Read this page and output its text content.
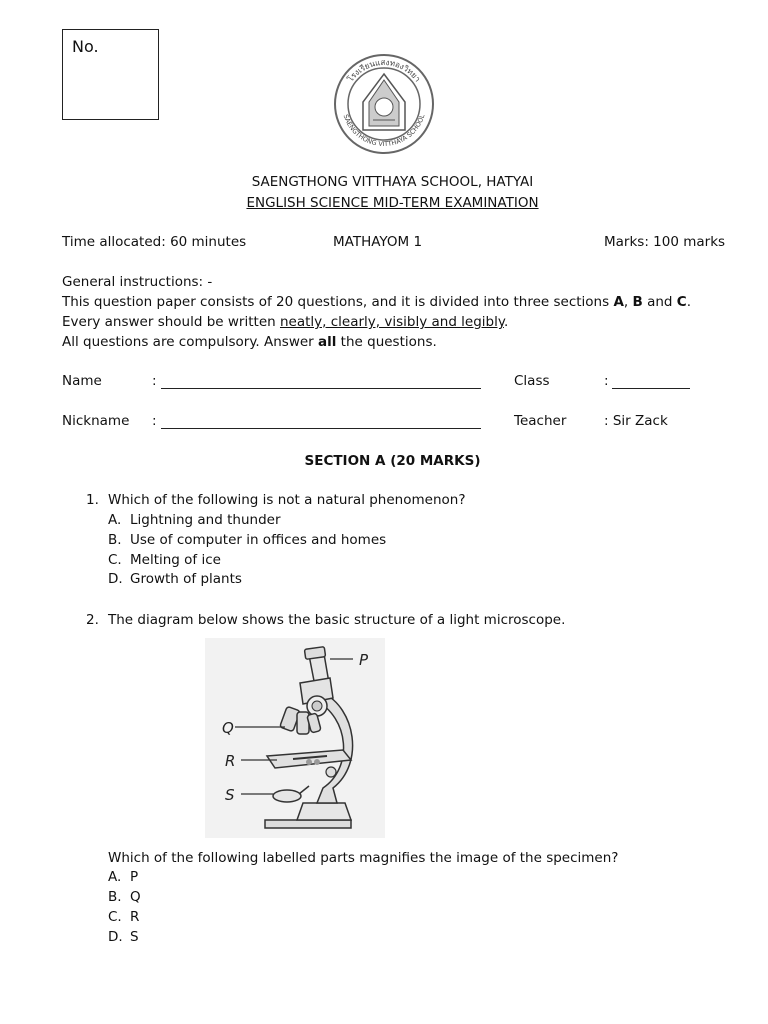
No.
โรงเรียนแสงทองวิทยา
SAENGTHONG VITTHAYA SCHOOL
SAENGTHONG VITTHAYA SCHOOL, HATYAI
ENGLISH SCIENCE MID-TERM EXAMINATION
Time allocated: 60 minutes	MATHAYOM 1	Marks: 100 marks
General instructions: -
This question paper consists of 20 questions, and it is divided into three sections A, B and C.
Every answer should be written neatly, clearly, visibly and legibly.
All questions are compulsory. Answer all the questions.
Name	:	Class	:
Nickname :	Teacher	: Sir Zack
SECTION A (20 MARKS)
1. Which of the following is not a natural phenomenon?
A. Lightning and thunder
B. Use of computer in offices and homes
C. Melting of ice
D. Growth of plants
2. The diagram below shows the basic structure of a light microscope.
P
Q
R
S
Which of the following labelled parts magnifies the image of the specimen?
A. P
B. Q
C. R
D. S
